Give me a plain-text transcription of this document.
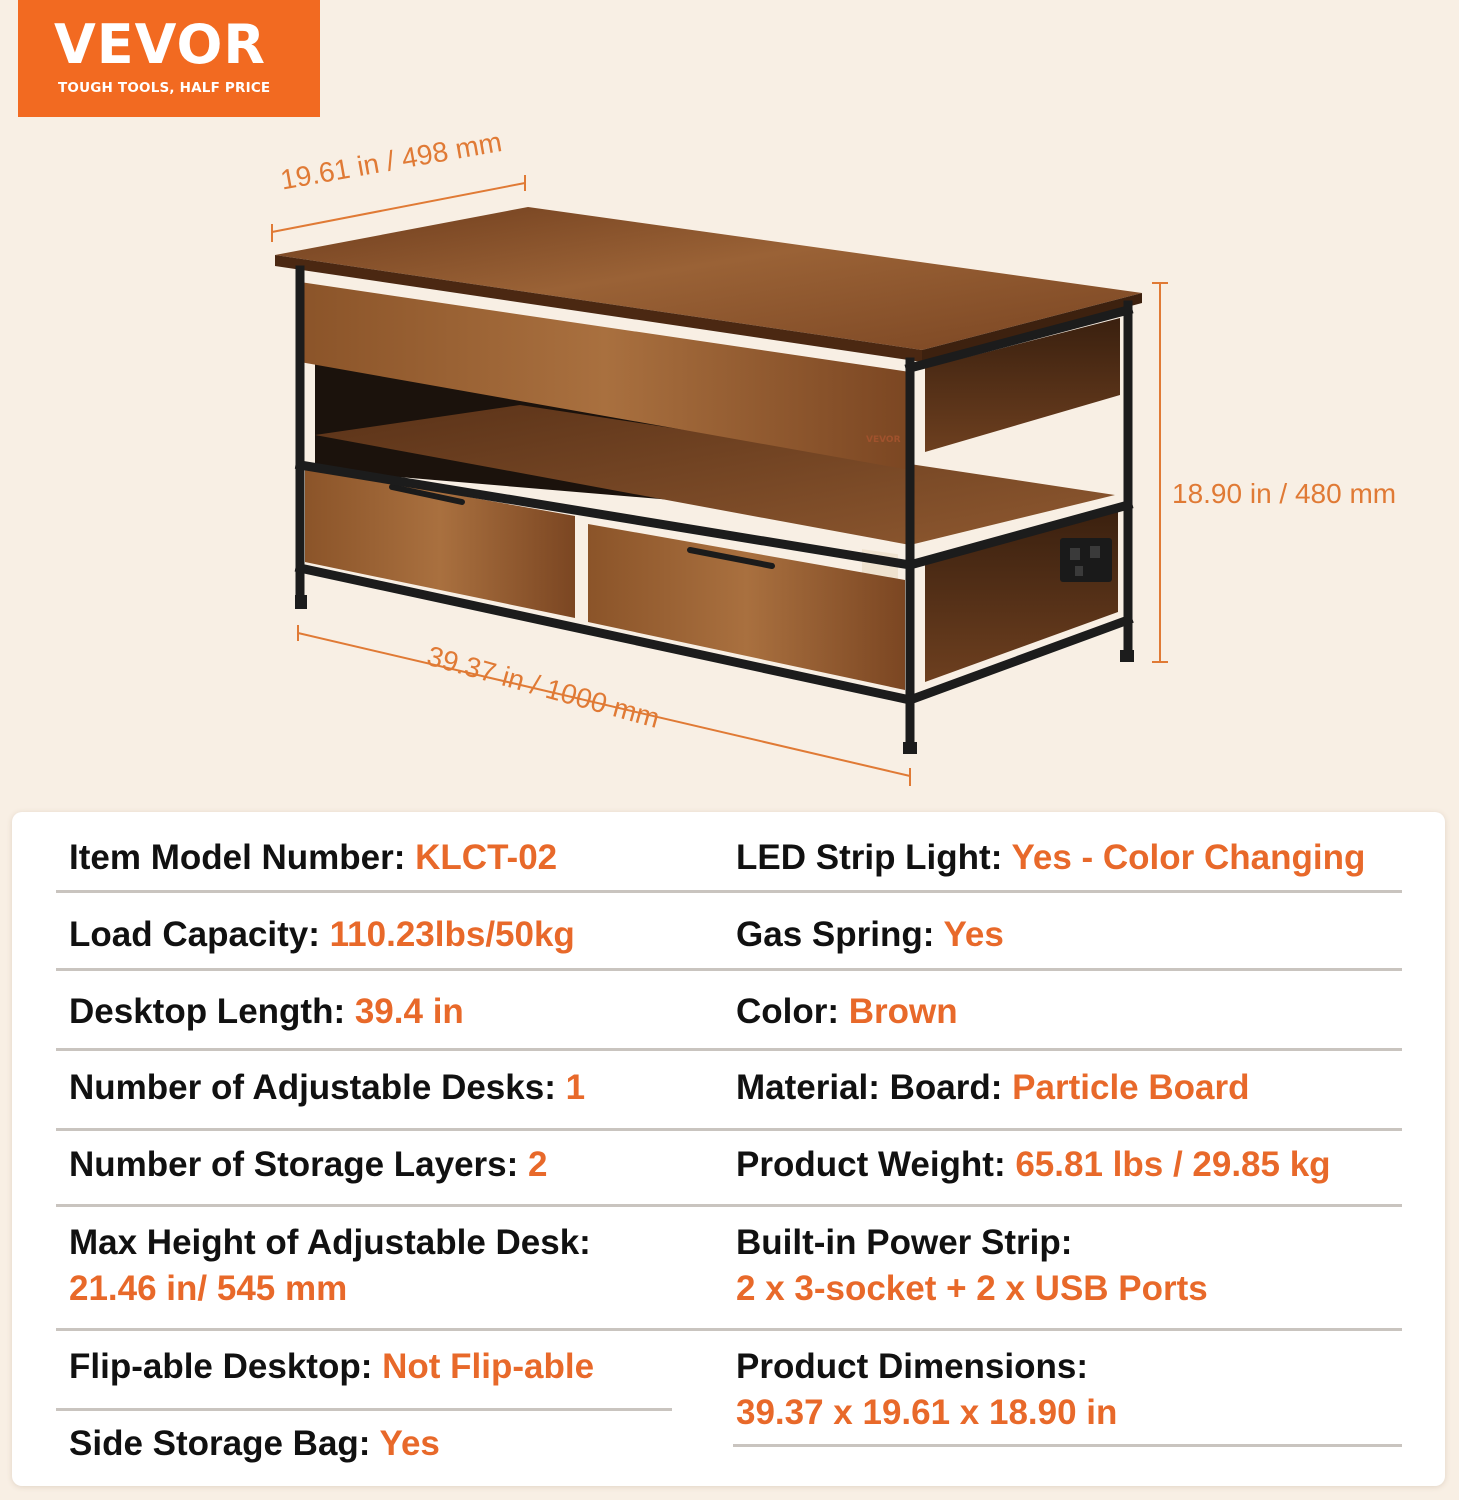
VEVOR
TOUGH TOOLS, HALF PRICE
VEVOR
19.61 in / 498 mm
18.90 in / 480 mm
39.37 in / 1000 mm
Item Model Number: KLCT-02
Load Capacity: 110.23lbs/50kg
Desktop Length: 39.4 in
Number of Adjustable Desks: 1
Number of Storage Layers: 2
Max Height of Adjustable Desk:
21.46 in/ 545 mm
Flip-able Desktop: Not Flip-able
Side Storage Bag: Yes
LED Strip Light: Yes - Color Changing
Gas Spring: Yes
Color: Brown
Material: Board: Particle Board
Product Weight: 65.81 lbs / 29.85 kg
Built-in Power Strip:
2 x 3-socket + 2 x USB Ports
Product Dimensions:
39.37 x 19.61 x 18.90 in
